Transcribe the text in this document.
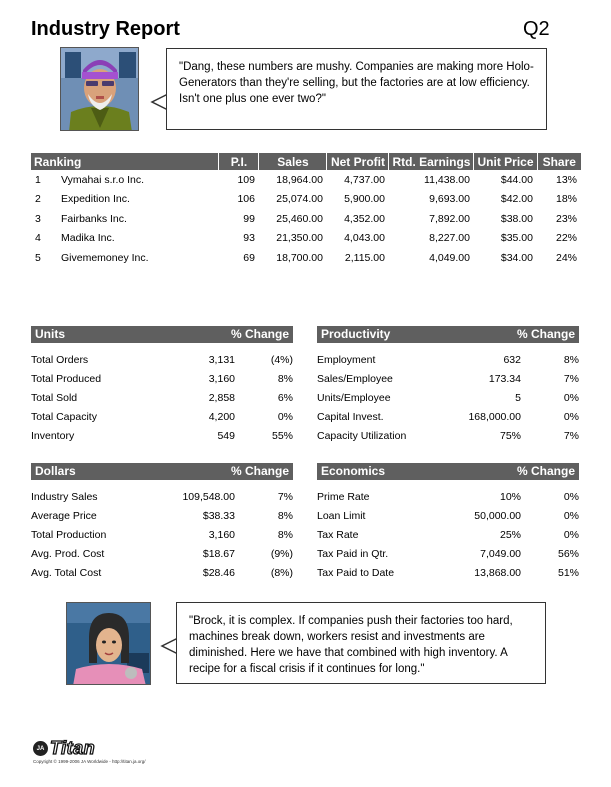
Industry Report	Q2
"Dang, these numbers are mushy. Companies are making more Holo-Generators than they're selling, but the factories are at low efficiency. Isn't one plus one ever two?"
Ranking		P.I.	Sales	Net Profit	Rtd. Earnings	Unit Price	Share
1	Vymahai s.r.o Inc.	109	18,964.00	4,737.00	11,438.00	$44.00	13%
2	Expedition Inc.	106	25,074.00	5,900.00	9,693.00	$42.00	18%
3	Fairbanks Inc.	99	25,460.00	4,352.00	7,892.00	$38.00	23%
4	Madika Inc.	93	21,350.00	4,043.00	8,227.00	$35.00	22%
5	Givememoney Inc.	69	18,700.00	2,115.00	4,049.00	$34.00	24%
Units	% Change
Total Orders	3,131	(4%)
Total Produced	3,160	8%
Total Sold	2,858	6%
Total Capacity	4,200	0%
Inventory	549	55%
Productivity	% Change
Employment	632	8%
Sales/Employee	173.34	7%
Units/Employee	5	0%
Capital Invest.	168,000.00	0%
Capacity Utilization	75%	7%
Dollars	% Change
Industry Sales	109,548.00	7%
Average Price	$38.33	8%
Total Production	3,160	8%
Avg. Prod. Cost	$18.67	(9%)
Avg. Total Cost	$28.46	(8%)
Economics	% Change
Prime Rate	10%	0%
Loan Limit	50,000.00	0%
Tax Rate	25%	0%
Tax Paid in Qtr.	7,049.00	56%
Tax Paid to Date	13,868.00	51%
"Brock, it is complex. If companies push their factories too hard, machines break down, workers resist and investments are diminished. Here we have that combined with high inventory. A recipe for a fiscal crisis if it continues for long."
JA Titan
Copyright © 1999-2006 JA Worldwide - http://titan.ja.org/
